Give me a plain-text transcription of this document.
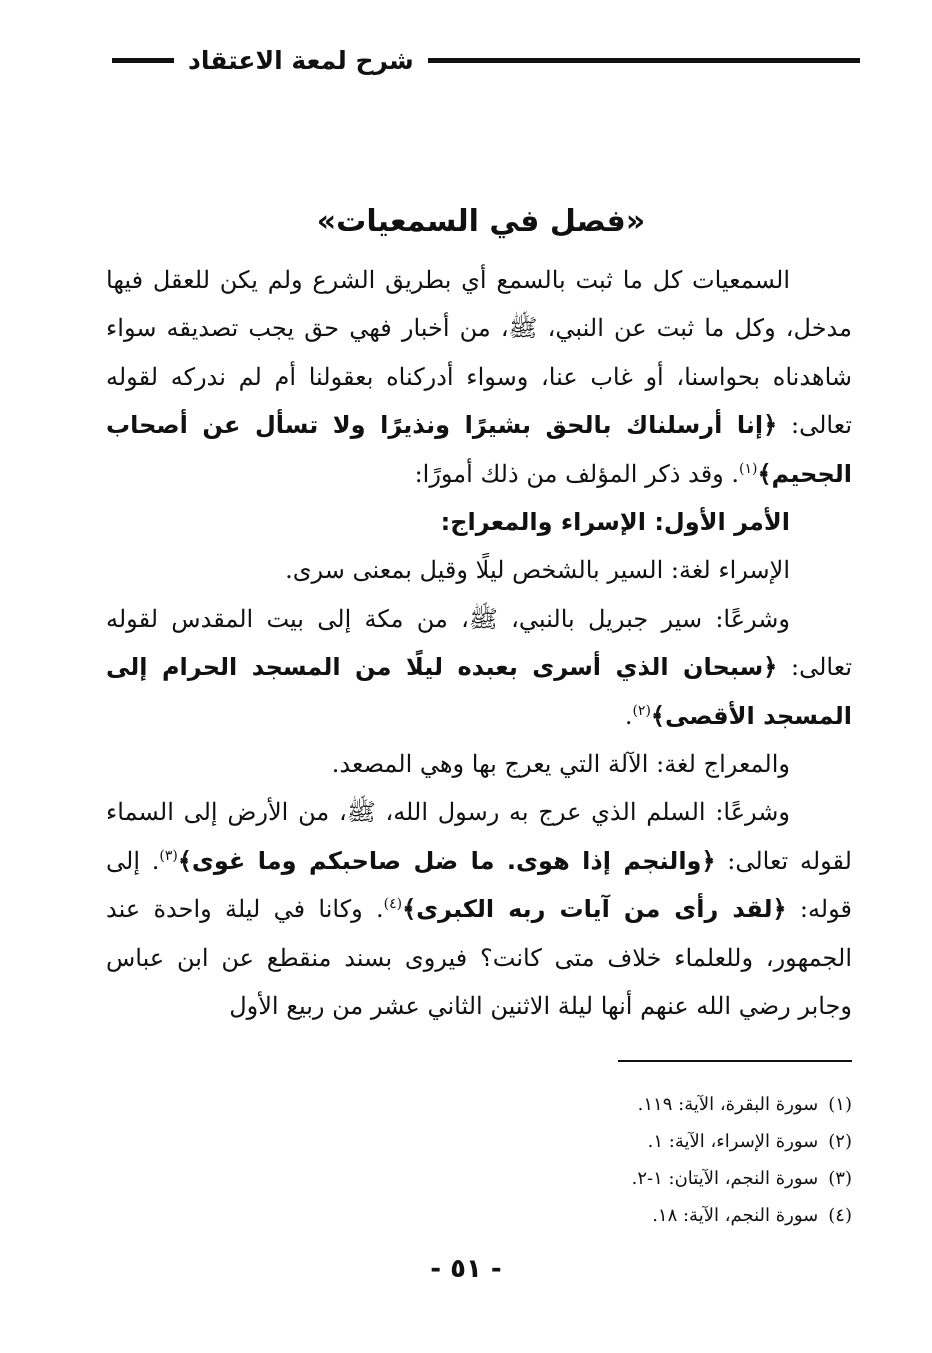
شرح لمعة الاعتقاد
«فصل في السمعيات»

السمعيات كل ما ثبت بالسمع أي بطريق الشرع ولم يكن للعقل فيها مدخل، وكل ما ثبت عن النبي، ﷺ، من أخبار فهي حق يجب تصديقه سواء شاهدناه بحواسنا، أو غاب عنا، وسواء أدركناه بعقولنا أم لم ندركه لقوله تعالى: ﴿إنا أرسلناك بالحق بشيرًا ونذيرًا ولا تسأل عن أصحاب الجحيم﴾$^{(١)}$. وقد ذكر المؤلف من ذلك أمورًا:

الأمر الأول: الإسراء والمعراج:

الإسراء لغة: السير بالشخص ليلًا وقيل بمعنى سرى.

وشرعًا: سير جبريل بالنبي، ﷺ، من مكة إلى بيت المقدس لقوله تعالى: ﴿سبحان الذي أسرى بعبده ليلًا من المسجد الحرام إلى المسجد الأقصى﴾$^{(٢)}$.

والمعراج لغة: الآلة التي يعرج بها وهي المصعد.

وشرعًا: السلم الذي عرج به رسول الله، ﷺ، من الأرض إلى السماء لقوله تعالى: ﴿والنجم إذا هوى. ما ضل صاحبكم وما غوى﴾$^{(٣)}$. إلى قوله: ﴿لقد رأى من آيات ربه الكبرى﴾$^{(٤)}$. وكانا في ليلة واحدة عند الجمهور، وللعلماء خلاف متى كانت؟ فيروى بسند منقطع عن ابن عباس وجابر رضي الله عنهم أنها ليلة الاثنين الثاني عشر من ربيع الأول

(١)سورة البقرة، الآية: ١١٩.

(٢)سورة الإسراء، الآية: ١.

(٣)سورة النجم، الآيتان: ١-٢.

(٤)سورة النجم، الآية: ١٨.

- ٥١ -
